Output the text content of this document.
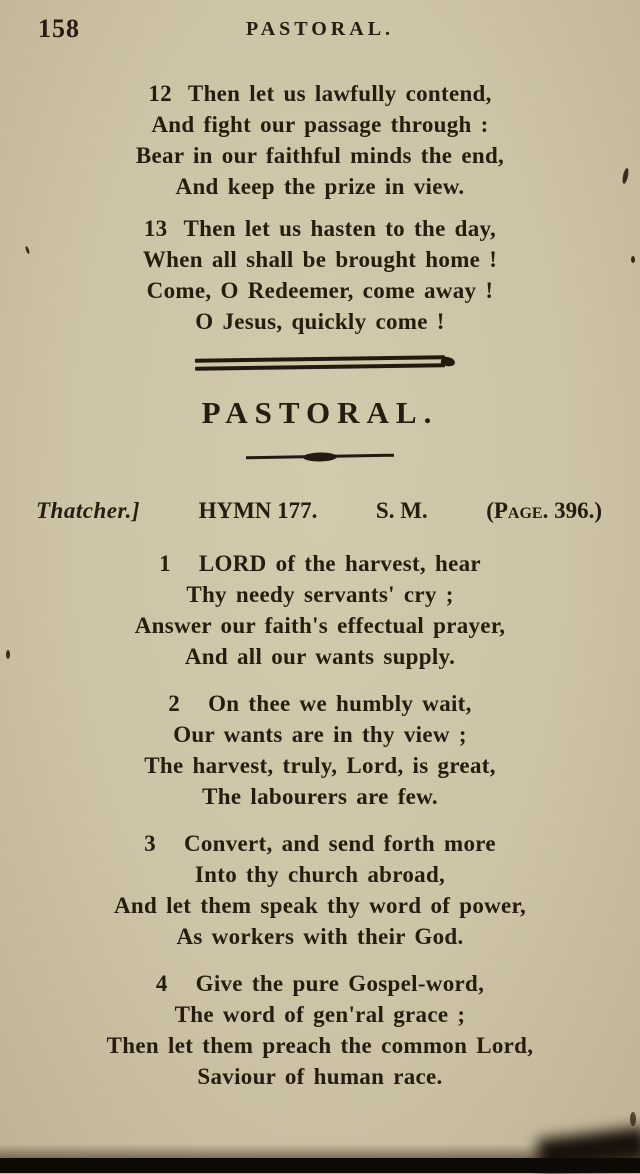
158	PASTORAL.
12 Then let us lawfully contend,
And fight our passage through :
Bear in our faithful minds the end,
And keep the prize in view.
13 Then let us hasten to the day,
When all shall be brought home !
Come, O Redeemer, come away !
O Jesus, quickly come !
PASTORAL.
Thatcher.]	HYMN 177.	S. M.	(Page. 396.)
1 LORD of the harvest, hear
Thy needy servants' cry ;
Answer our faith's effectual prayer,
And all our wants supply.
2 On thee we humbly wait,
Our wants are in thy view ;
The harvest, truly, Lord, is great,
The labourers are few.
3 Convert, and send forth more
Into thy church abroad,
And let them speak thy word of power,
As workers with their God.
4 Give the pure Gospel-word,
The word of gen'ral grace ;
Then let them preach the common Lord,
Saviour of human race.
